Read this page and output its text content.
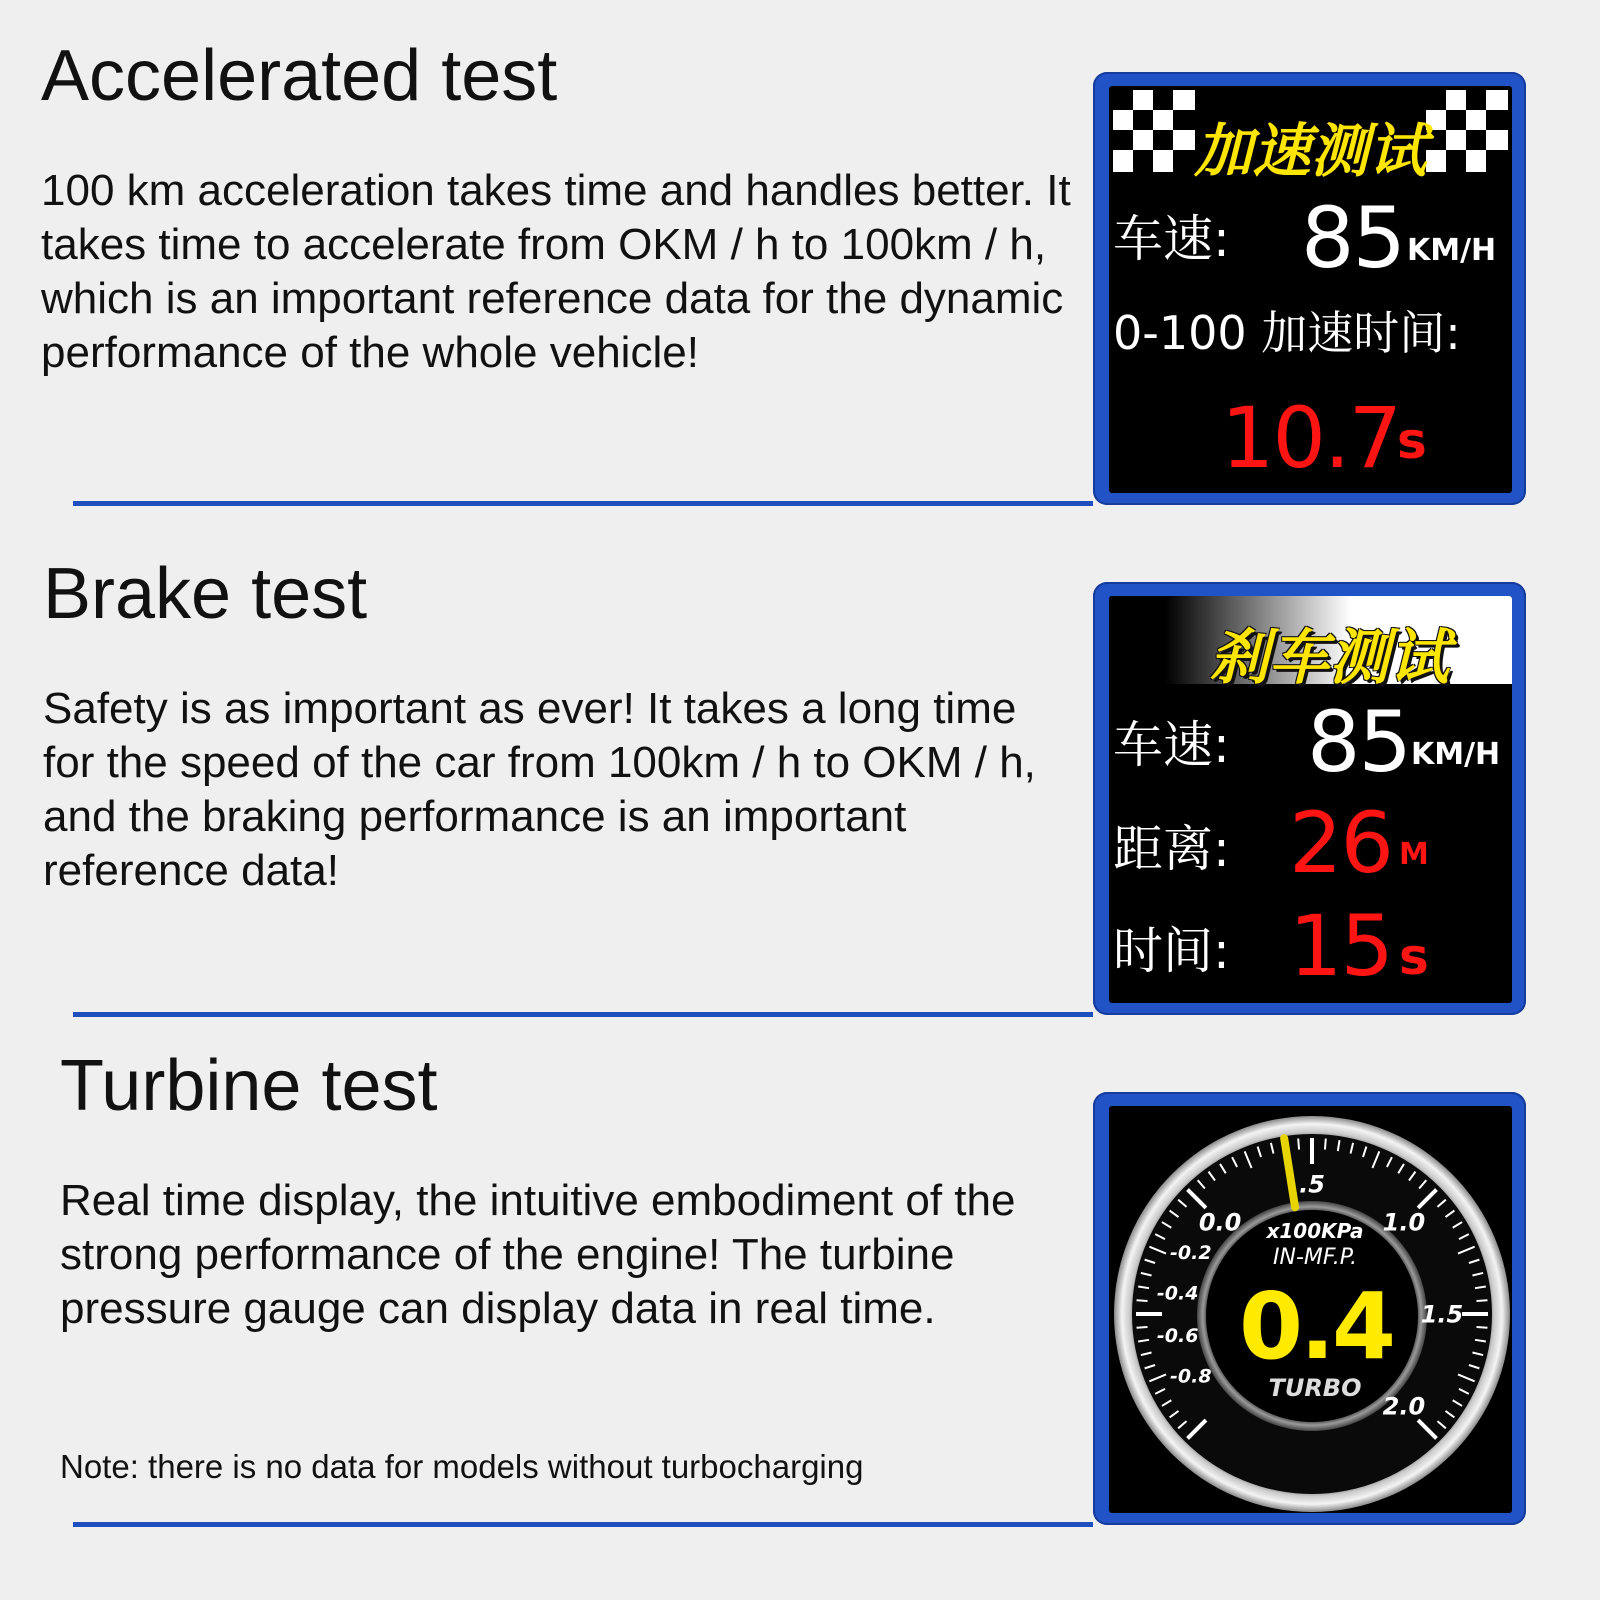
Accelerated test

100 km acceleration takes time and handles better. It takes time to accelerate from OKM / h to 100km / h, which is an important reference data for the dynamic performance of the whole vehicle!

加速测试
车速: 85 KM/H
0-100 加速时间:
10.7
s
Brake test

Safety is as important as ever! It takes a long time for the speed of the car from 100km / h to OKM / h, and the braking performance is an important reference data!

刹车测试
车速: 85 KM/H
距离: 26 M
时间: 15 s
Turbine test

Real time display, the intuitive embodiment of the strong performance of the engine! The turbine pressure gauge can display data in real time.

Note: there is no data for models without turbocharging

0.0
.5
1.0
1.5
2.0
-0.2
-0.4
-0.6
-0.8
x100KPa
IN-MF.P.
0.4
TURBO
